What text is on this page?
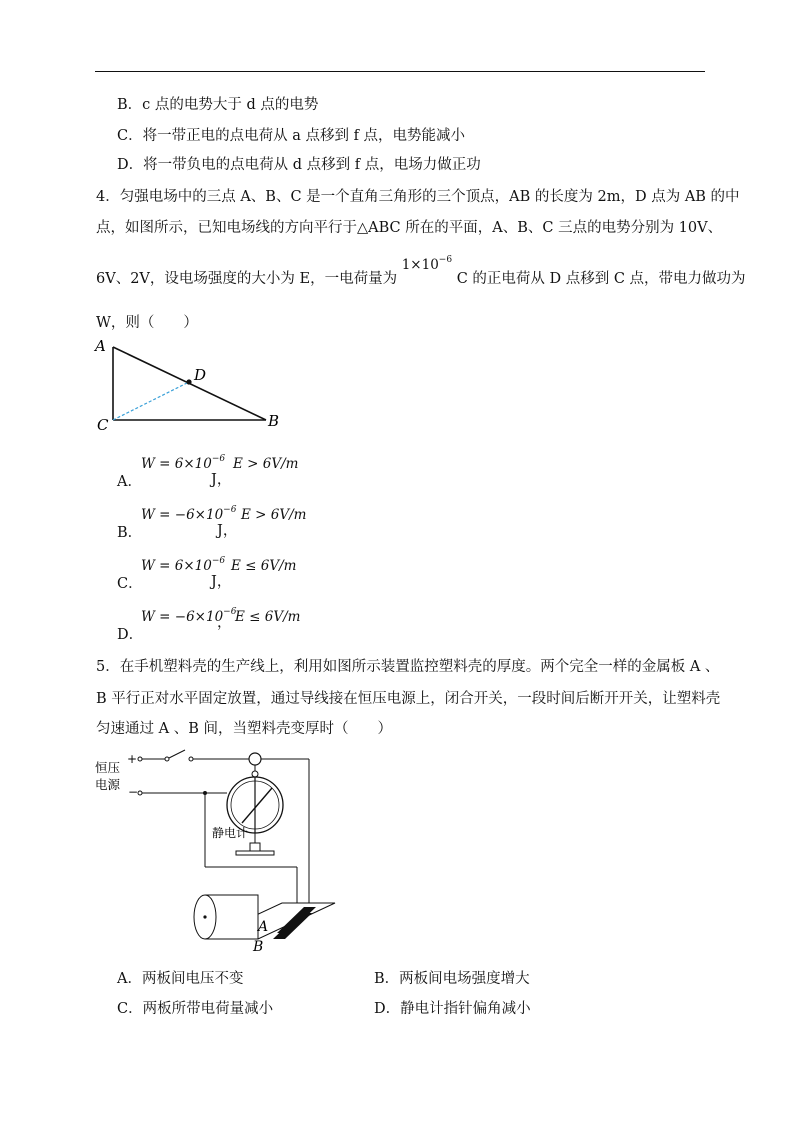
B．c 点的电势大于 d 点的电势
C．将一带正电的点电荷从 a 点移到 f 点，电势能减小
D．将一带负电的点电荷从 d 点移到 f 点，电场力做正功
4．匀强电场中的三点 A、B、C 是一个直角三角形的三个顶点，AB 的长度为 2m，D 点为 AB 的中
点，如图所示，已知电场线的方向平行于△ABC 所在的平面，A、B、C 三点的电势分别为 10V、
6V、2V，设电场强度的大小为 E，一电荷量为 $1\times 10^{-6}$ C 的正电荷从 D 点移到 C 点，带电力做功为
W，则（　　）
A
D
C	B
A．
$W = 6\times 10^{-6}$
J，
E > 6V/m
B．
$W = -6\times 10^{-6}$
J，
E > 6V/m
C．
$W = 6\times 10^{-6}$
J，
E ≤ 6V/m
D．
$W = -6\times 10^{-6}$
， E ≤ 6V/m
5．在手机塑料壳的生产线上，利用如图所示装置监控塑料壳的厚度。两个完全一样的金属板 A 、
B 平行正对水平固定放置，通过导线接在恒压电源上，闭合开关，一段时间后断开开关，让塑料壳
匀速通过 A 、B 间，当塑料壳变厚时（　　）
恒压
电源
+
−
静电计
A
B
A．两板间电压不变	B．两板间电场强度增大
C．两板所带电荷量减小	D．静电计指针偏角减小
